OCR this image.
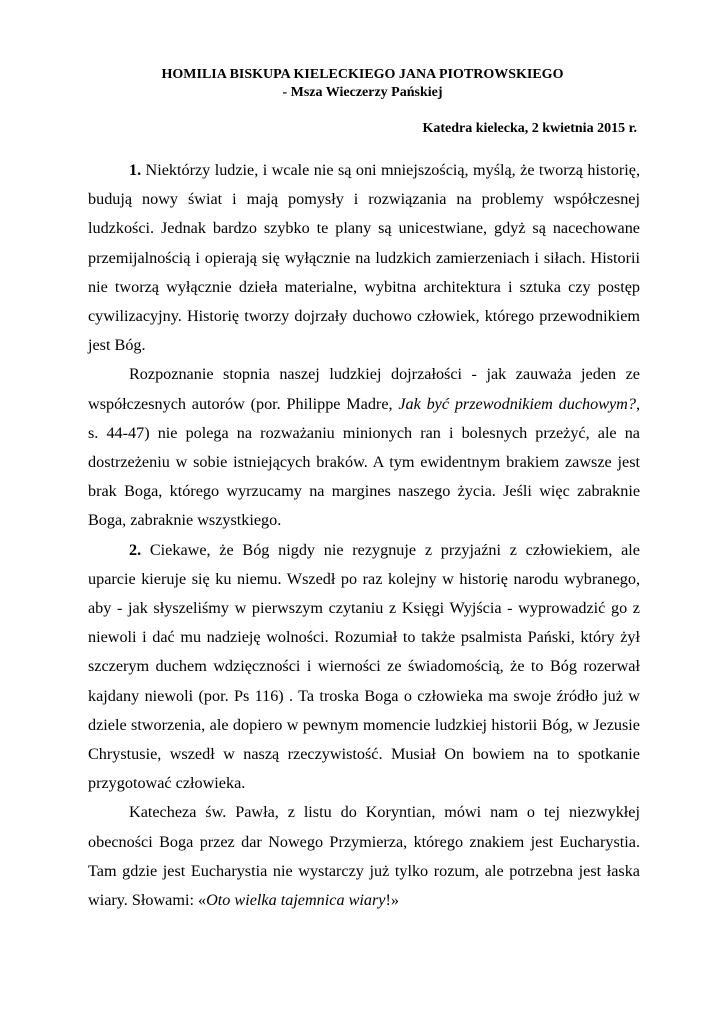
HOMILIA BISKUPA KIELECKIEGO JANA PIOTROWSKIEGO
- Msza Wieczerzy Pańskiej
Katedra kielecka, 2 kwietnia 2015 r.

1. Niektórzy ludzie, i wcale nie są oni mniejszością, myślą, że tworzą historię, budują nowy świat i mają pomysły i rozwiązania na problemy współczesnej ludzkości. Jednak bardzo szybko te plany są unicestwiane, gdyż są nacechowane przemijalnością i opierają się wyłącznie na ludzkich zamierzeniach i siłach. Historii nie tworzą wyłącznie dzieła materialne, wybitna architektura i sztuka czy postęp cywilizacyjny. Historię tworzy dojrzały duchowo człowiek, którego przewodnikiem jest Bóg.

Rozpoznanie stopnia naszej ludzkiej dojrzałości - jak zauważa jeden ze współczesnych autorów (por. Philippe Madre, Jak być przewodnikiem duchowym?, s. 44-47) nie polega na rozważaniu minionych ran i bolesnych przeżyć, ale na dostrzeżeniu w sobie istniejących braków. A tym ewidentnym brakiem zawsze jest brak Boga, którego wyrzucamy na margines naszego życia. Jeśli więc zabraknie Boga, zabraknie wszystkiego.

2. Ciekawe, że Bóg nigdy nie rezygnuje z przyjaźni z człowiekiem, ale uparcie kieruje się ku niemu. Wszedł po raz kolejny w historię narodu wybranego, aby - jak słyszeliśmy w pierwszym czytaniu z Księgi Wyjścia - wyprowadzić go z niewoli i dać mu nadzieję wolności. Rozumiał to także psalmista Pański, który żył szczerym duchem wdzięczności i wierności ze świadomością, że to Bóg rozerwał kajdany niewoli (por. Ps 116) . Ta troska Boga o człowieka ma swoje źródło już w dziele stworzenia, ale dopiero w pewnym momencie ludzkiej historii Bóg, w Jezusie Chrystusie, wszedł w naszą rzeczywistość. Musiał On bowiem na to spotkanie przygotować człowieka.

Katecheza św. Pawła, z listu do Koryntian, mówi nam o tej niezwykłej obecności Boga przez dar Nowego Przymierza, którego znakiem jest Eucharystia. Tam gdzie jest Eucharystia nie wystarczy już tylko rozum, ale potrzebna jest łaska wiary. Słowami: «Oto wielka tajemnica wiary!»
